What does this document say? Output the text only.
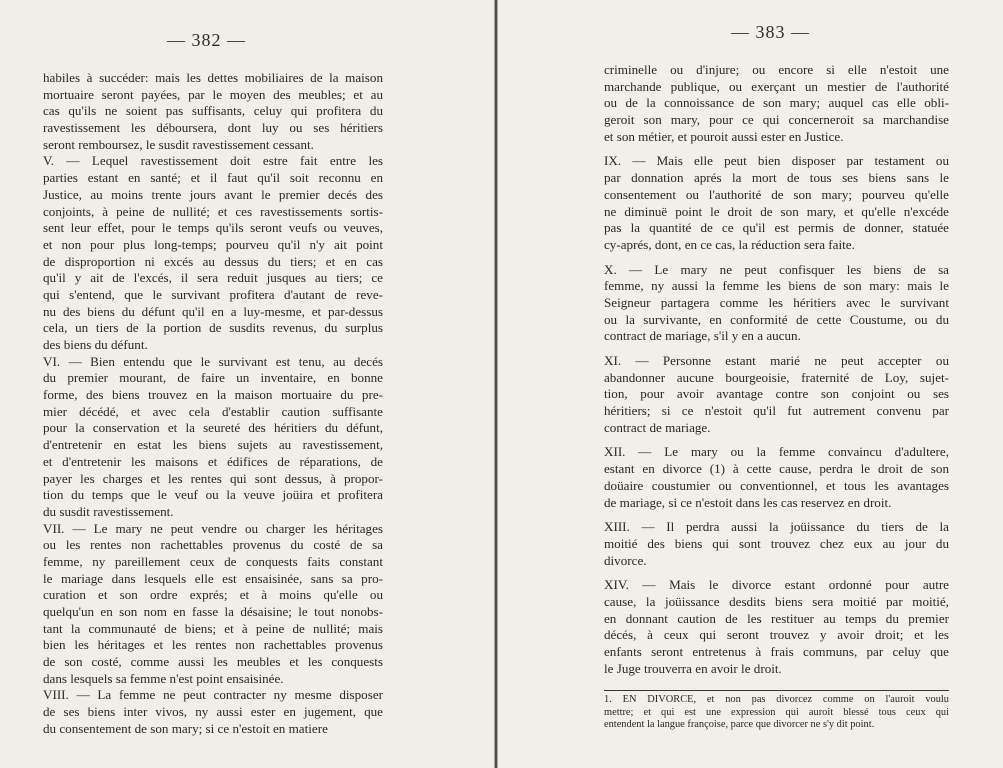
— 382 —
habiles à succéder: mais les dettes mobiliaires de la maison
mortuaire seront payées, par le moyen des meubles; et au
cas qu'ils ne soient pas suffisants, celuy qui profitera du
ravestissement les déboursera, dont luy ou ses héritiers
seront remboursez, le susdit ravestissement cessant.
V. — Lequel ravestissement doit estre fait entre les
parties estant en santé; et il faut qu'il soit reconnu en
Justice, au moins trente jours avant le premier decés des
conjoints, à peine de nullité; et ces ravestissements sortis-
sent leur effet, pour le temps qu'ils seront veufs ou veuves,
et non pour plus long-temps; pourveu qu'il n'y ait point
de disproportion ni excés au dessus du tiers; et en cas
qu'il y ait de l'excés, il sera reduit jusques au tiers; ce
qui s'entend, que le survivant profitera d'autant de reve-
nu des biens du défunt qu'il en a luy-mesme, et par-dessus
cela, un tiers de la portion de susdits revenus, du surplus
des biens du défunt.
VI. — Bien entendu que le survivant est tenu, au decés
du premier mourant, de faire un inventaire, en bonne
forme, des biens trouvez en la maison mortuaire du pre-
mier décédé, et avec cela d'establir caution suffisante
pour la conservation et la seureté des héritiers du défunt,
d'entretenir en estat les biens sujets au ravestissement,
et d'entretenir les maisons et édifices de réparations, de
payer les charges et les rentes qui sont dessus, à propor-
tion du temps que le veuf ou la veuve joüira et profitera
du susdit ravestissement.
VII. — Le mary ne peut vendre ou charger les héritages
ou les rentes non rachettables provenus du costé de sa
femme, ny pareillement ceux de conquests faits constant
le mariage dans lesquels elle est ensaisinée, sans sa pro-
curation et son ordre exprés; et à moins qu'elle ou
quelqu'un en son nom en fasse la désaisine; le tout nonobs-
tant la communauté de biens; et à peine de nullité; mais
bien les héritages et les rentes non rachettables provenus
de son costé, comme aussi les meubles et les conquests
dans lesquels sa femme n'est point ensaisinée.
VIII. — La femme ne peut contracter ny mesme disposer
de ses biens inter vivos, ny aussi ester en jugement, que
du consentement de son mary; si ce n'estoit en matiere
— 383 —
criminelle ou d'injure; ou encore si elle n'estoit une
marchande publique, ou exerçant un mestier de l'authorité
ou de la connoissance de son mary; auquel cas elle obli-
geroit son mary, pour ce qui concerneroit sa marchandise
et son métier, et pouroit aussi ester en Justice.
IX. — Mais elle peut bien disposer par testament ou
par donnation aprés la mort de tous ses biens sans le
consentement ou l'authorité de son mary; pourveu qu'elle
ne diminuë point le droit de son mary, et qu'elle n'excéde
pas la quantité de ce qu'il est permis de donner, statuée
cy-aprés, dont, en ce cas, la réduction sera faite.
X. — Le mary ne peut confisquer les biens de sa
femme, ny aussi la femme les biens de son mary: mais le
Seigneur partagera comme les héritiers avec le survivant
ou la survivante, en conformité de cette Coustume, ou du
contract de mariage, s'il y en a aucun.
XI. — Personne estant marié ne peut accepter ou
abandonner aucune bourgeoisie, fraternité de Loy, sujet-
tion, pour avoir avantage contre son conjoint ou ses
héritiers; si ce n'estoit qu'il fut autrement convenu par
contract de mariage.
XII. — Le mary ou la femme convaincu d'adultere,
estant en divorce (1) à cette cause, perdra le droit de son
doüaire coustumier ou conventionnel, et tous les avantages
de mariage, si ce n'estoit dans les cas reservez en droit.
XIII. — Il perdra aussi la joüissance du tiers de la
moitié des biens qui sont trouvez chez eux au jour du
divorce.
XIV. — Mais le divorce estant ordonné pour autre
cause, la joüissance desdits biens sera moitié par moitié,
en donnant caution de les restituer au temps du premier
décés, à ceux qui seront trouvez y avoir droit; et les
enfants seront entretenus à frais communs, par celuy que
le Juge trouverra en avoir le droit.
1. EN DIVORCE, et non pas divorcez comme on l'auroit voulu
mettre; et qui est une expression qui auroit blessé tous ceux qui
entendent la langue françoise, parce que divorcer ne s'y dit point.
